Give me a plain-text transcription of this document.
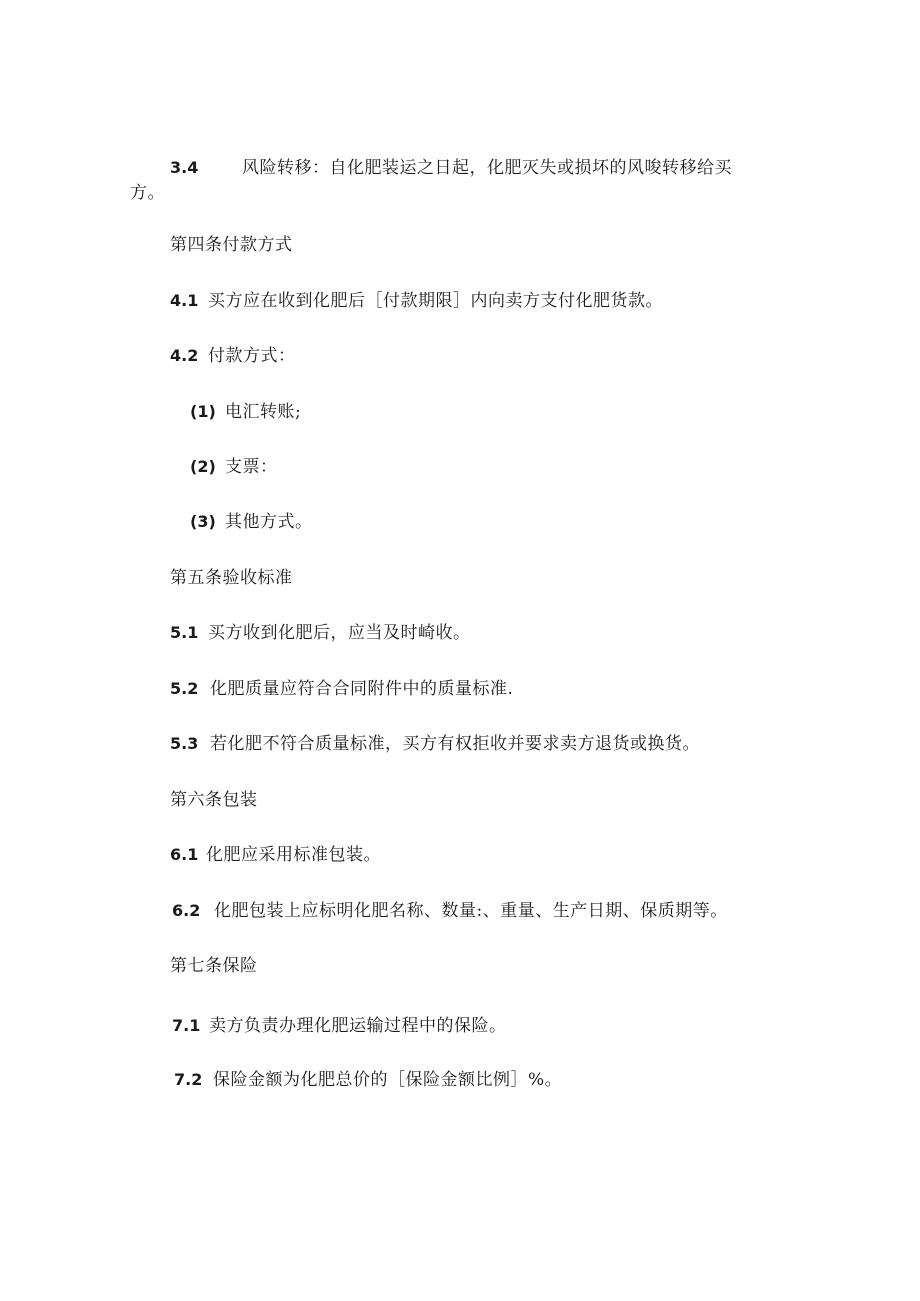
3.4	风险转移：自化肥装运之日起，化肥灭失或损坏的风唆转移给买
方。
第四条付款方式
4.1 买方应在收到化肥后［付款期限］内向卖方支付化肥货款。
4.2 付款方式：
(1) 电汇转账;
(2) 支票：
(3) 其他方式。
第五条验收标准
5.1 买方收到化肥后，应当及时崎收。
5.2 化肥质量应符合合同附件中的质量标准.
5.3 若化肥不符合质量标准，买方有权拒收并要求卖方退货或换货。
第六条包装
6.1 化肥应采用标准包装。
6.2 化肥包装上应标明化肥名称、数量:、重量、生产日期、保质期等。
第七条保险
7.1 卖方负责办理化肥运输过程中的保险。
7.2 保险金额为化肥总价的［保险金额比例］%。
